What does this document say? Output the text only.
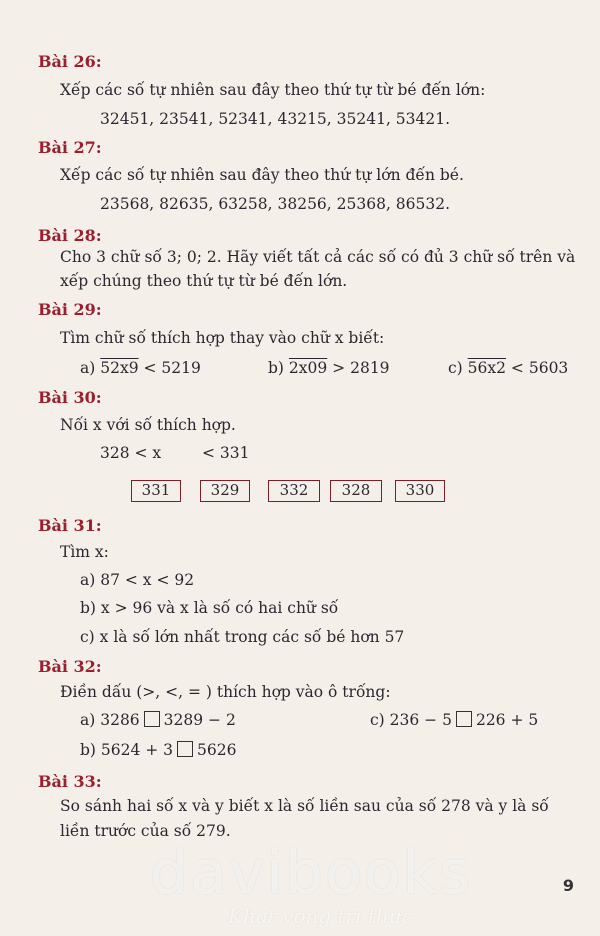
Bài 26:
Xếp các số tự nhiên sau đây theo thứ tự từ bé đến lớn:
32451, 23541, 52341, 43215, 35241, 53421.
Bài 27:
Xếp các số tự nhiên sau đây theo thứ tự lớn đến bé.
23568, 82635, 63258, 38256, 25368, 86532.
Bài 28:
Cho 3 chữ số 3; 0; 2. Hãy viết tất cả các số có đủ 3 chữ số trên và
xếp chúng theo thứ tự từ bé đến lớn.
Bài 29:
Tìm chữ số thích hợp thay vào chữ x biết:
a) 52x9 < 5219	b) 2x09 > 2819	c) 56x2 < 5603
Bài 30:
Nối x với số thích hợp.
328 < x	< 331
331	329	332	328	330
Bài 31:
Tìm x:
a) 87 < x < 92
b) x > 96 và x là số có hai chữ số
c) x là số lớn nhất trong các số bé hơn 57
Bài 32:
Điền dấu (>, <, = ) thích hợp vào ô trống:
a) 3286 3289 − 2	c) 236 − 5 226 + 5
b) 5624 + 3 5626
Bài 33:
So sánh hai số x và y biết x là số liền sau của số 278 và y là số
liền trước của số 279.
davibooks
Khát vọng tri thức
9
